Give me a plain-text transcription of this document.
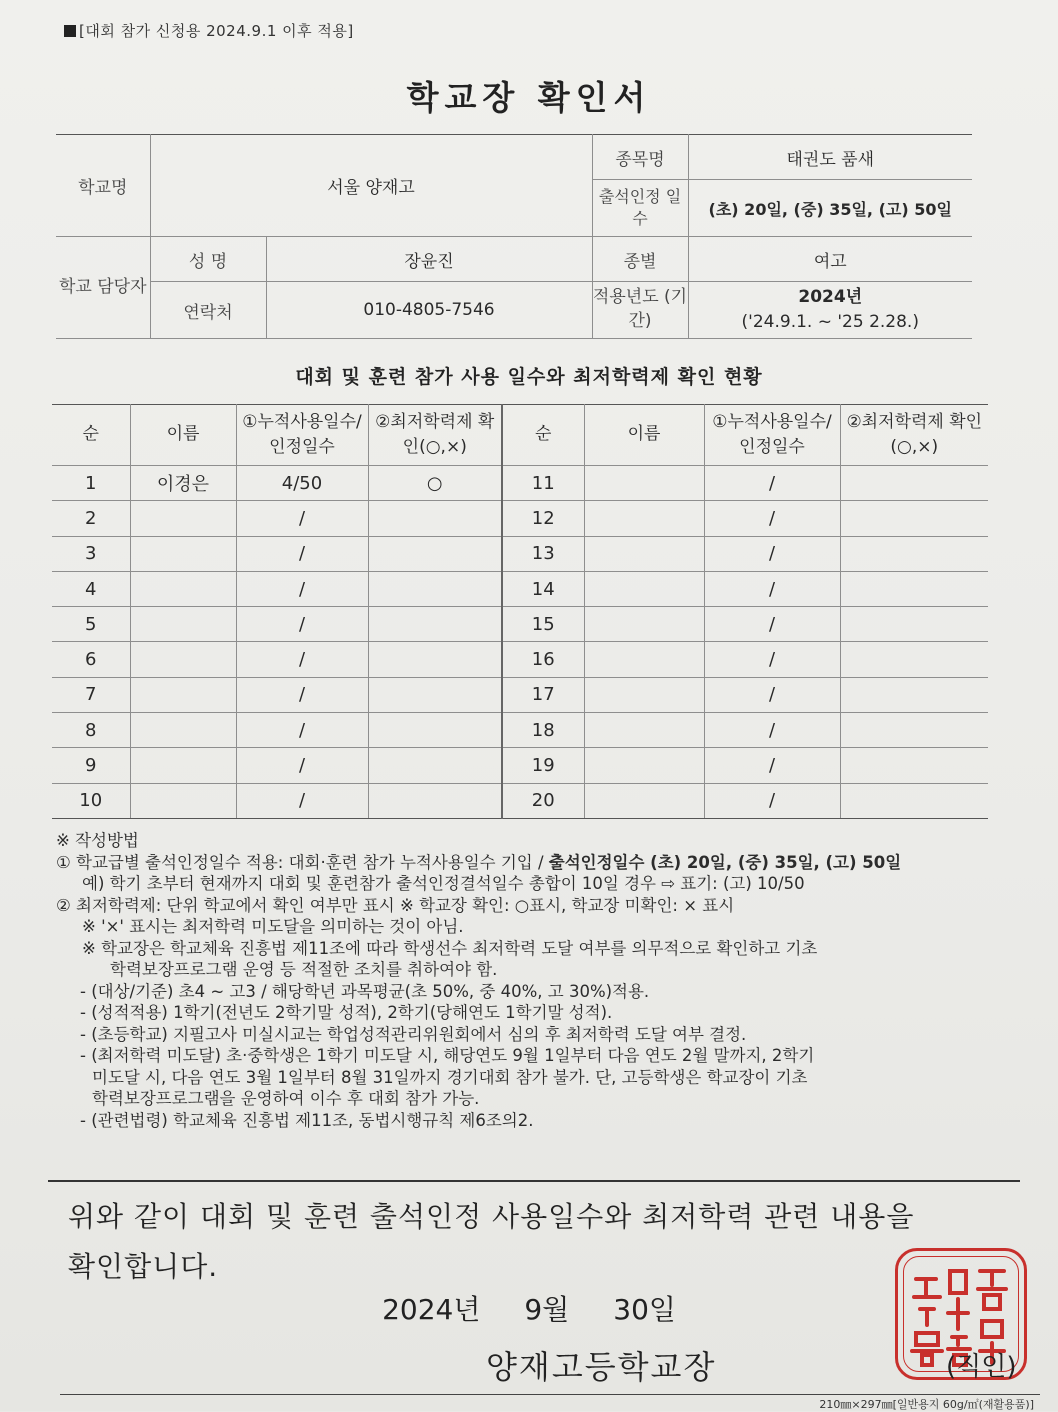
[대회 참가 신청용 2024.9.1 이후 적용]
학교장 확인서
학교명	서울 양재고		종목명	태권도 품새
			출석인정 일수	(초) 20일, (중) 35일, (고) 50일
학교 담당자	성 명	장윤진	종별	여고
	연락처	010-4805-7546	적용년도 (기간)	2024년
('24.9.1. ~ '25 2.28.)
대회 및 훈련 참가 사용 일수와 최저학력제 확인 현황
순	이름	①누적사용일수/인정일수	②최저학력제 확인(○,×)	순	이름	①누적사용일수/인정일수	②최저학력제 확인(○,×)
1	이경은	4/50	○	11		/	
2		/		12		/	
3		/		13		/	
4		/		14		/	
5		/		15		/	
6		/		16		/	
7		/		17		/	
8		/		18		/	
9		/		19		/	
10		/		20		/	
※ 작성방법
① 학교급별 출석인정일수 적용: 대회·훈련 참가 누적사용일수 기입 / 출석인정일수 (초) 20일, (중) 35일, (고) 50일
예) 학기 초부터 현재까지 대회 및 훈련참가 출석인정결석일수 총합이 10일 경우 ⇨ 표기: (고) 10/50
② 최저학력제: 단위 학교에서 확인 여부만 표시 ※ 학교장 확인: ○표시, 학교장 미확인: × 표시
※ '×' 표시는 최저학력 미도달을 의미하는 것이 아님.
※ 학교장은 학교체육 진흥법 제11조에 따라 학생선수 최저학력 도달 여부를 의무적으로 확인하고 기초
학력보장프로그램 운영 등 적절한 조치를 취하여야 함.
- (대상/기준) 초4 ~ 고3 / 해당학년 과목평균(초 50%, 중 40%, 고 30%)적용.
- (성적적용) 1학기(전년도 2학기말 성적), 2학기(당해연도 1학기말 성적).
- (초등학교) 지필고사 미실시교는 학업성적관리위원회에서 심의 후 최저학력 도달 여부 결정.
- (최저학력 미도달) 초·중학생은 1학기 미도달 시, 해당연도 9월 1일부터 다음 연도 2월 말까지, 2학기
미도달 시, 다음 연도 3월 1일부터 8월 31일까지 경기대회 참가 불가. 단, 고등학생은 학교장이 기초
학력보장프로그램을 운영하여 이수 후 대회 참가 가능.
- (관련법령) 학교체육 진흥법 제11조, 동법시행규칙 제6조의2.
위와 같이 대회 및 훈련 출석인정 사용일수와 최저학력 관련 내용을
확인합니다.
2024년 9월 30일
양재고등학교장	(직인)
210㎜×297㎜[일반용지 60g/㎡(재활용품)]
